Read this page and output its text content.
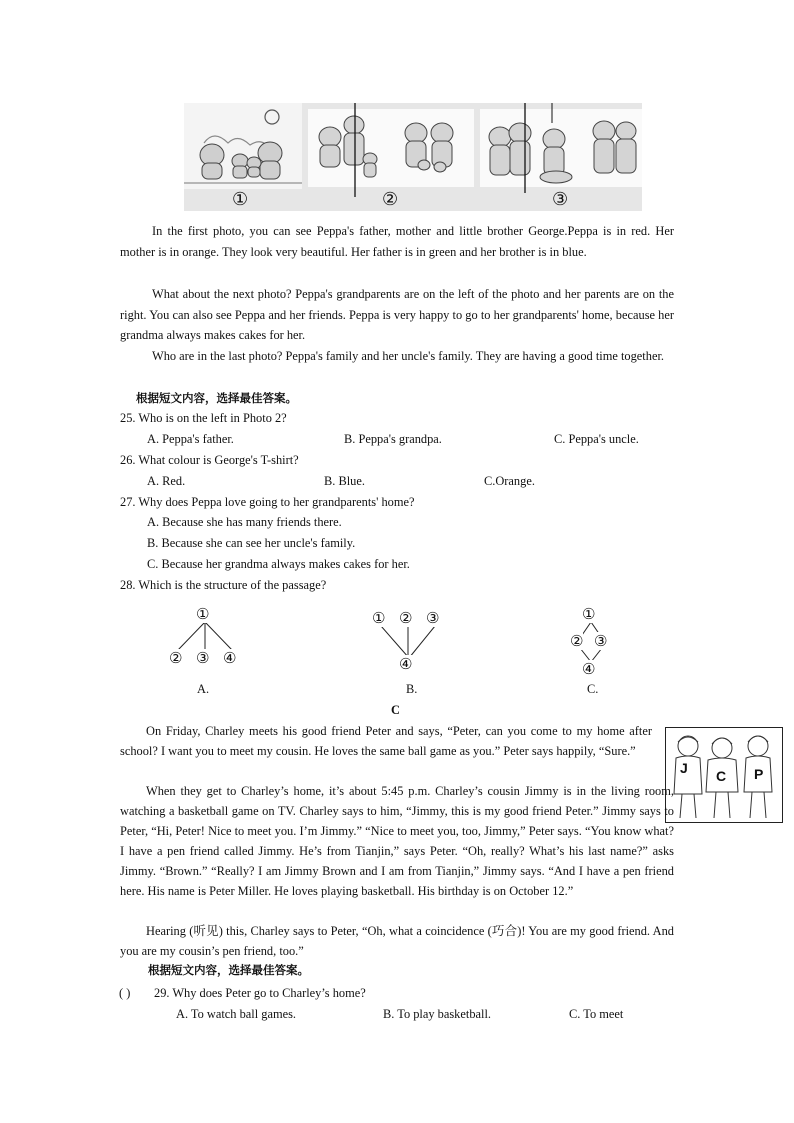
①	②	③

In the first photo, you can see Peppa's father, mother and little brother George.Peppa is in red. Her mother is in orange. They look very beautiful. Her father is in green and her brother is in blue.

What about the next photo? Peppa's grandparents are on the left of the photo and her parents are on the right. You can also see Peppa and her friends. Peppa is very happy to go to her grandparents' home, because her grandma always makes cakes for her.

Who are in the last photo? Peppa's family and her uncle's family. They are having a good time together.

根据短文内容，选择最佳答案。
25. Who is on the left in Photo 2?
A. Peppa's father.	B. Peppa's grandpa.	C. Peppa's uncle.
26. What colour is George's T-shirt?
A. Red.	B. Blue.	C.Orange.
27. Why does Peppa love going to her grandparents' home?
A. Because she has many friends there.
B. Because she can see her uncle's family.
C. Because her grandma always makes cakes for her.
28. Which is the structure of the passage?
①
② ③ ④
① ② ③
④
①
② ③
④
A.	B.	C.
C
J C P

On Friday, Charley meets his good friend Peter and says, “Peter, can you come to my home after school? I want you to meet my cousin. He loves the same ball game as you.” Peter says happily, “Sure.”

When they get to Charley’s home, it’s about 5:45 p.m. Charley’s cousin Jimmy is in the living room, watching a basketball game on TV. Charley says to him, “Jimmy, this is my good friend Peter.” Jimmy says to Peter, “Hi, Peter! Nice to meet you. I’m Jimmy.” “Nice to meet you, too, Jimmy,” Peter says. “You know what? I have a pen friend called Jimmy. He’s from Tianjin,” says Peter. “Oh, really? What’s his last name?” asks Jimmy. “Brown.” “Really? I am Jimmy Brown and I am from Tianjin,” Jimmy says. “And I have a pen friend here. His name is Peter Miller. He loves playing basketball. His birthday is on October 12.”

Hearing (听见) this, Charley says to Peter, “Oh, what a coincidence (巧合)! You are my good friend. And you are my cousin’s pen friend, too.”

根据短文内容，选择最佳答案。
( ) 29. Why does Peter go to Charley’s home?
A. To watch ball games.	B. To play basketball.	C. To meet
